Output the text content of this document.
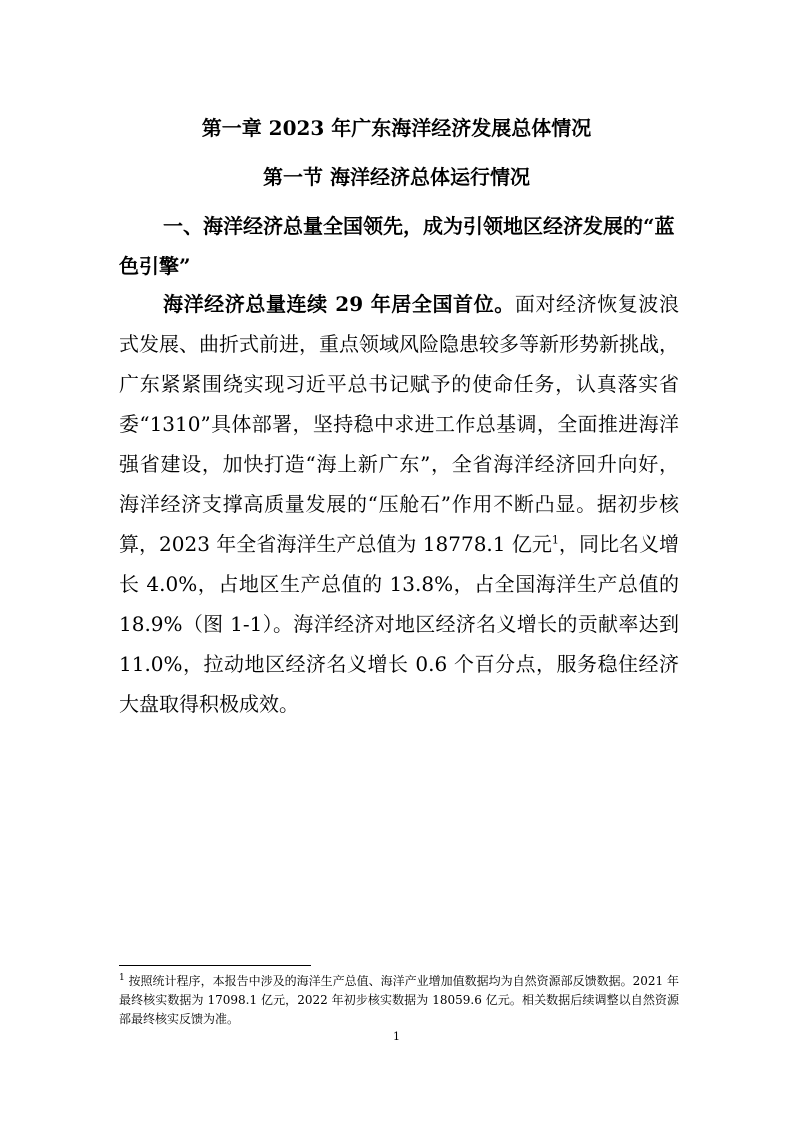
第一章 2023 年广东海洋经济发展总体情况
第一节 海洋经济总体运行情况

一、海洋经济总量全国领先，成为引领地区经济发展的“蓝色引擎”

海洋经济总量连续 29 年居全国首位。面对经济恢复波浪式发展、曲折式前进，重点领域风险隐患较多等新形势新挑战，广东紧紧围绕实现习近平总书记赋予的使命任务，认真落实省委“1310”具体部署，坚持稳中求进工作总基调，全面推进海洋强省建设，加快打造“海上新广东”，全省海洋经济回升向好，海洋经济支撑高质量发展的“压舱石”作用不断凸显。据初步核算，2023 年全省海洋生产总值为 18778.1 亿元$^1$，同比名义增长 4.0%，占地区生产总值的 13.8%，占全国海洋生产总值的 18.9%（图 1-1）。海洋经济对地区经济名义增长的贡献率达到 11.0%，拉动地区经济名义增长 0.6 个百分点，服务稳住经济大盘取得积极成效。

$^1$ 按照统计程序，本报告中涉及的海洋生产总值、海洋产业增加值数据均为自然资源部反馈数据。2021 年最终核实数据为 17098.1 亿元，2022 年初步核实数据为 18059.6 亿元。相关数据后续调整以自然资源部最终核实反馈为准。

1
